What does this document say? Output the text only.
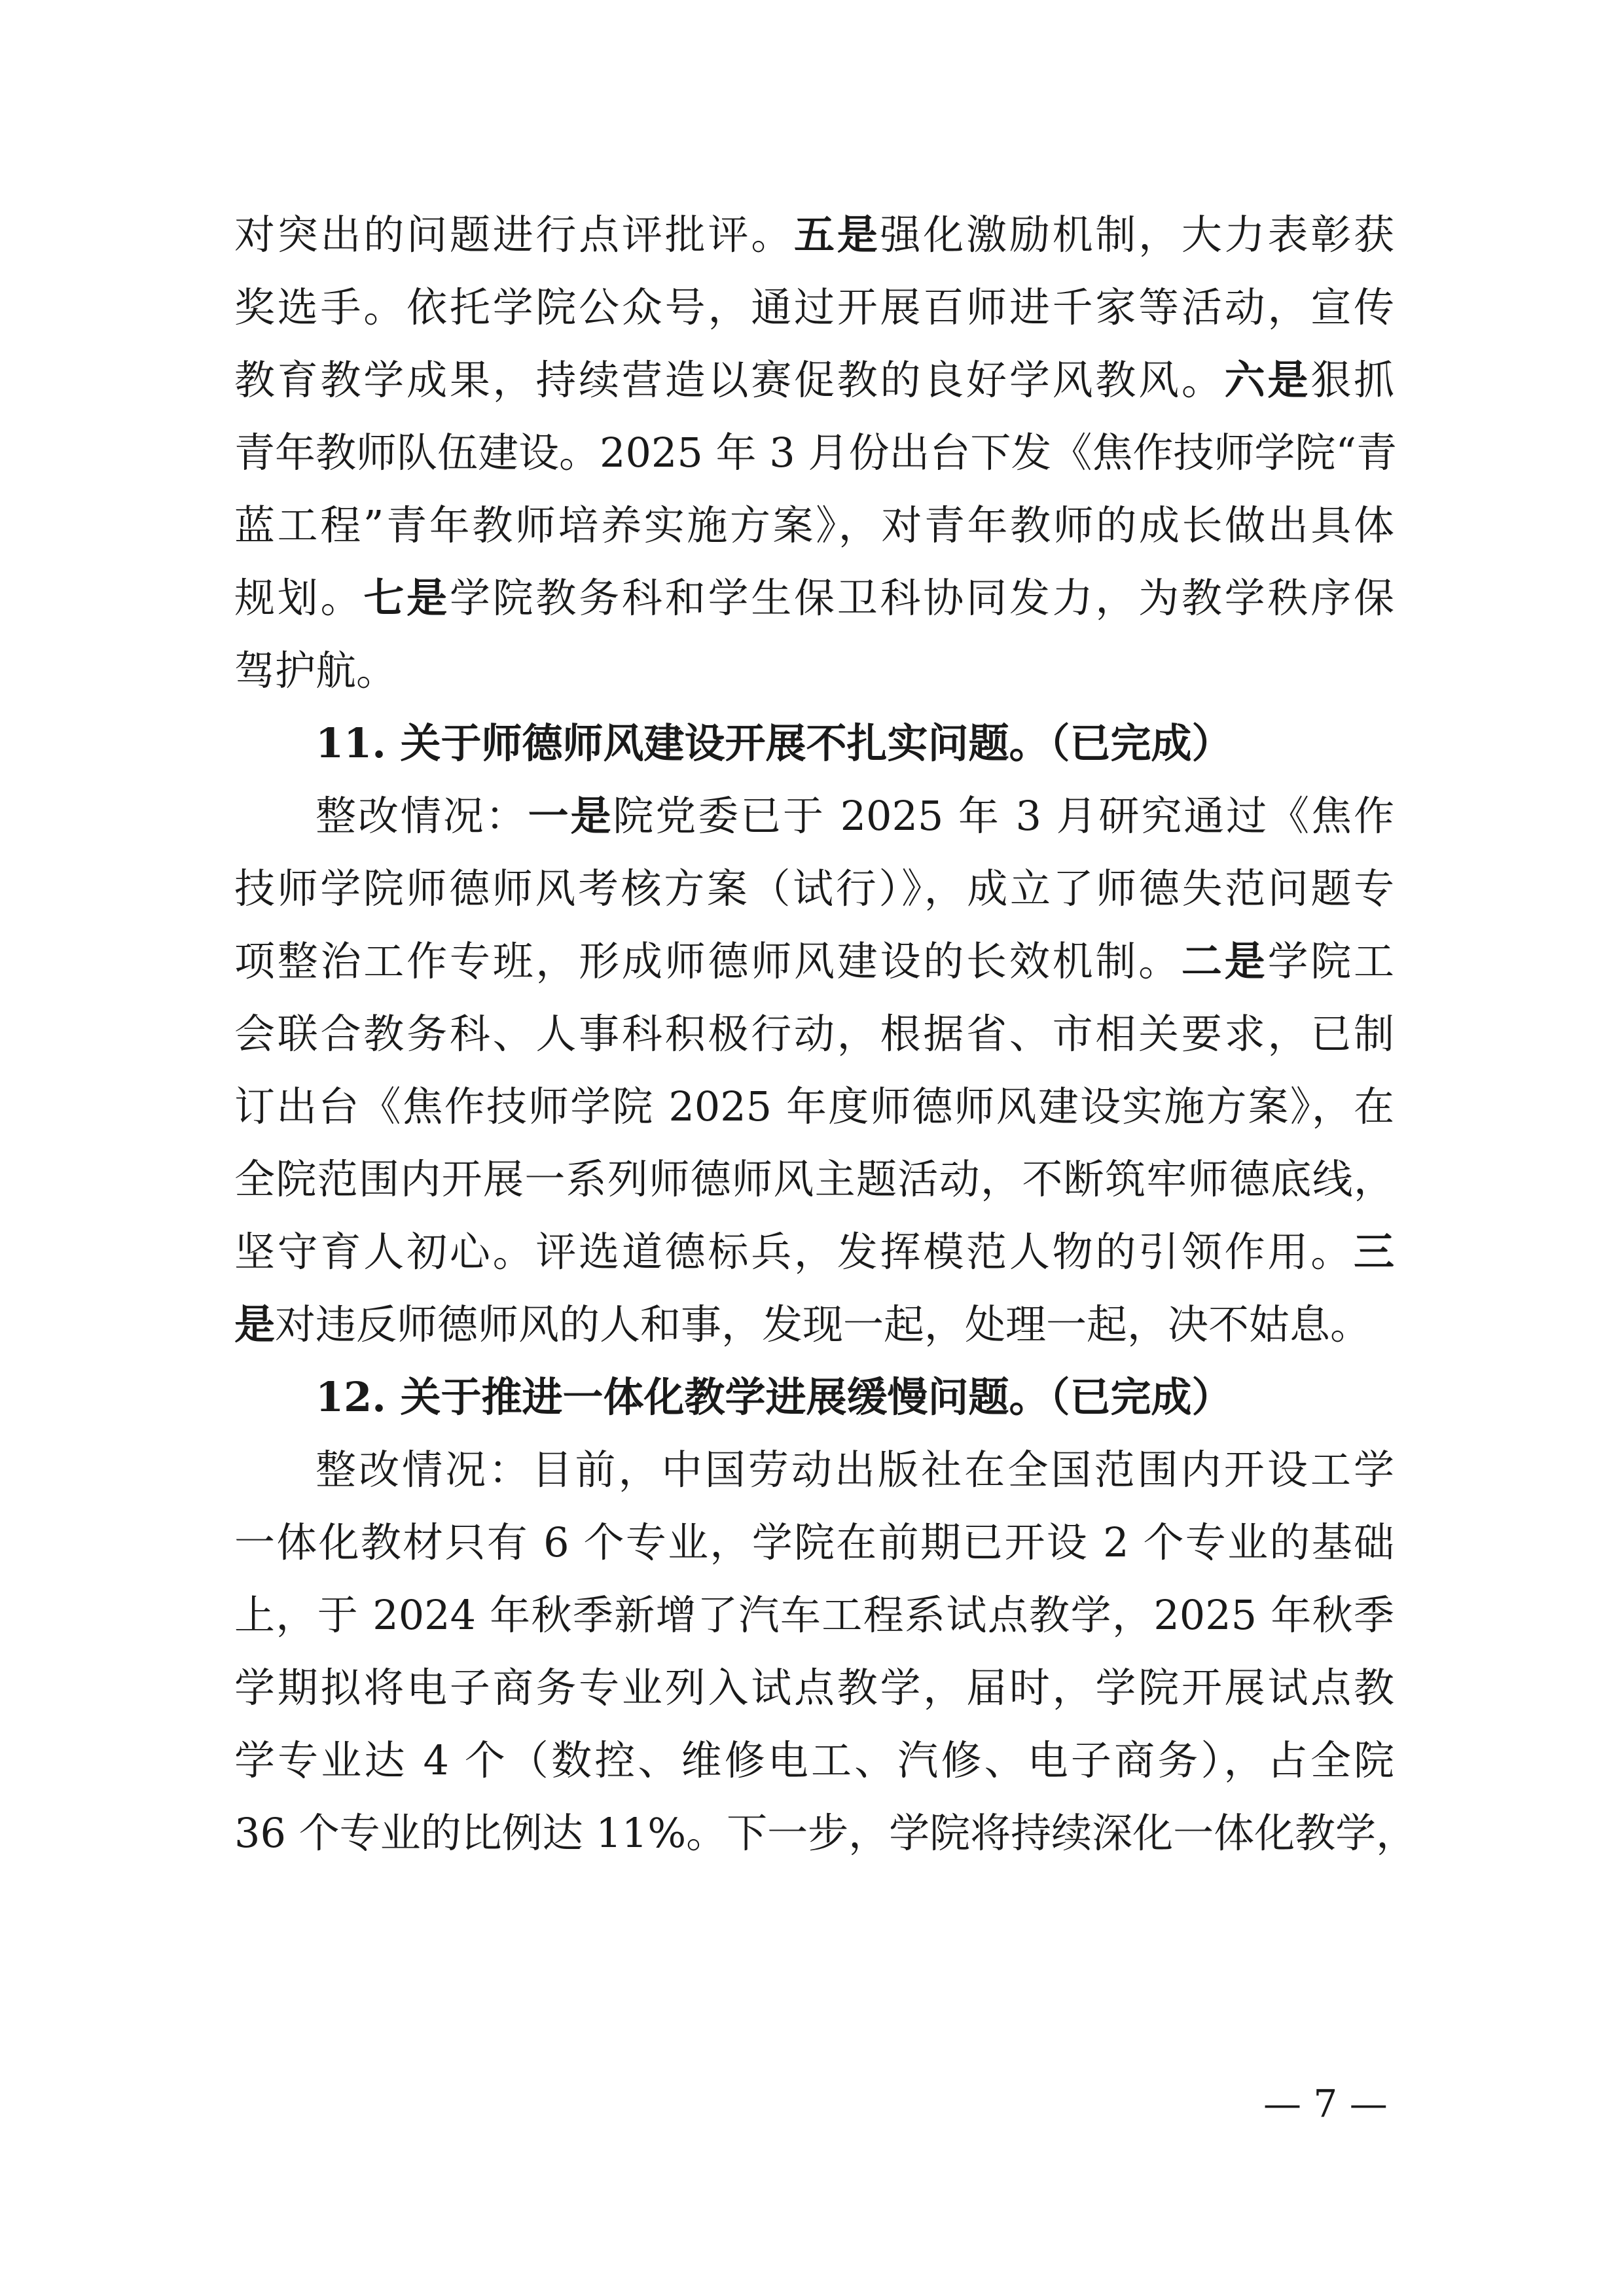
对突出的问题进行点评批评。五是强化激励机制，大力表彰获
奖选手。依托学院公众号，通过开展百师进千家等活动，宣传
教育教学成果，持续营造以赛促教的良好学风教风。六是狠抓
青年教师队伍建设。2025 年 3 月份出台下发《焦作技师学院“青
蓝工程”青年教师培养实施方案》，对青年教师的成长做出具体
规划。七是学院教务科和学生保卫科协同发力，为教学秩序保
驾护航。
11. 关于师德师风建设开展不扎实问题。（已完成）
整改情况：一是院党委已于 2025 年 3 月研究通过《焦作
技师学院师德师风考核方案（试行）》，成立了师德失范问题专
项整治工作专班，形成师德师风建设的长效机制。二是学院工
会联合教务科、人事科积极行动，根据省、市相关要求，已制
订出台《焦作技师学院 2025 年度师德师风建设实施方案》，在
全院范围内开展一系列师德师风主题活动，不断筑牢师德底线，
坚守育人初心。评选道德标兵，发挥模范人物的引领作用。三
是对违反师德师风的人和事，发现一起，处理一起，决不姑息。
12. 关于推进一体化教学进展缓慢问题。（已完成）
整改情况：目前，中国劳动出版社在全国范围内开设工学
一体化教材只有 6 个专业，学院在前期已开设 2 个专业的基础
上，于 2024 年秋季新增了汽车工程系试点教学，2025 年秋季
学期拟将电子商务专业列入试点教学，届时，学院开展试点教
学专业达 4 个（数控、维修电工、汽修、电子商务），占全院
36 个专业的比例达 11%。下一步，学院将持续深化一体化教学，
— 7 —
